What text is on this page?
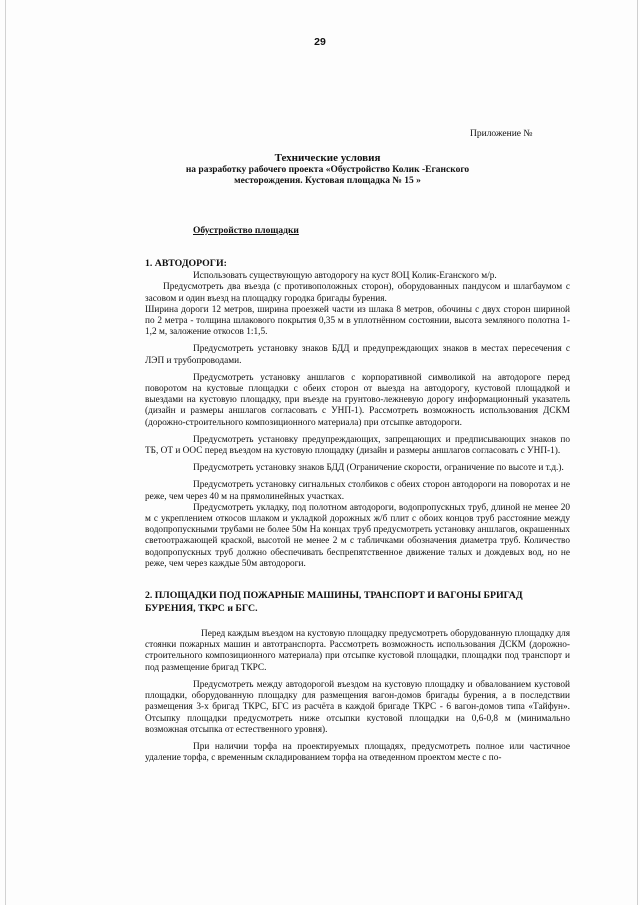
29
Приложение №
Технические условия
на разработку рабочего проекта «Обустройство Колик -Еганского
месторождения. Кустовая площадка № 15 »
Обустройство площадки

1. АВТОДОРОГИ:

Использовать существующую автодорогу на куст 8ОЦ Колик-Еганского м/р.

Предусмотреть два въезда (с противоположных сторон), оборудованных пандусом и шлагбаумом с засовом и один въезд на площадку городка бригады бурения.

Ширина дороги 12 метров, ширина проезжей части из шлака 8 метров, обочины с двух сторон шириной по 2 метра - толщина шлакового покрытия 0,35 м в уплотнённом состоянии, высота земляного полотна 1-1,2 м, заложение откосов 1:1,5.

Предусмотреть установку знаков БДД и предупреждающих знаков в местах пересечения с ЛЭП и трубопроводами.

Предусмотреть установку аншлагов с корпоративной символикой на автодороге перед поворотом на кустовые площадки с обеих сторон от выезда на автодорогу, кустовой площадкой и выездами на кустовую площадку, при въезде на грунтово-лежневую дорогу информационный указатель (дизайн и размеры аншлагов согласовать с УНП-1). Рассмотреть возможность использования ДСКМ (дорожно-строительного композиционного материала) при отсыпке автодороги.

Предусмотреть установку предупреждающих, запрещающих и предписывающих знаков по ТБ, ОТ и ООС перед въездом на кустовую площадку (дизайн и размеры аншлагов согласовать с УНП-1).

Предусмотреть установку знаков БДД (Ограничение скорости, ограничение по высоте и т.д.).

Предусмотреть установку сигнальных столбиков с обеих сторон автодороги на поворотах и не реже, чем через 40 м на прямолинейных участках.

Предусмотреть укладку, под полотном автодороги, водопропускных труб, длиной не менее 20 м с укреплением откосов шлаком и укладкой дорожных ж/б плит с обоих концов труб расстояние между водопропускными трубами не более 50м На концах труб предусмотреть установку аншлагов, окрашенных светоотражающей краской, высотой не менее 2 м с табличками обозначения диаметра труб. Количество водопропускных труб должно обеспечивать беспрепятственное движение талых и дождевых вод, но не реже, чем через каждые 50м автодороги.

2. ПЛОЩАДКИ ПОД ПОЖАРНЫЕ МАШИНЫ, ТРАНСПОРТ И ВАГОНЫ БРИГАД БУРЕНИЯ, ТКРС и БГС.

Перед каждым въездом на кустовую площадку предусмотреть оборудованную площадку для стоянки пожарных машин и автотранспорта. Рассмотреть возможность использования ДСКМ (дорожно-строительного композиционного материала) при отсыпке кустовой площадки, площадки под транспорт и под размещение бригад ТКРС.

Предусмотреть между автодорогой въездом на кустовую площадку и обвалованием кустовой площадки, оборудованную площадку для размещения вагон-домов бригады бурения, а в последствии размещения 3-х бригад ТКРС, БГС из расчёта в каждой бригаде ТКРС - 6 вагон-домов типа «Тайфун». Отсыпку площадки предусмотреть ниже отсыпки кустовой площадки на 0,6-0,8 м (минимально возможная отсыпка от естественного уровня).

При наличии торфа на проектируемых площадях, предусмотреть полное или частичное удаление торфа, с временным складированием торфа на отведенном проектом месте с по-
